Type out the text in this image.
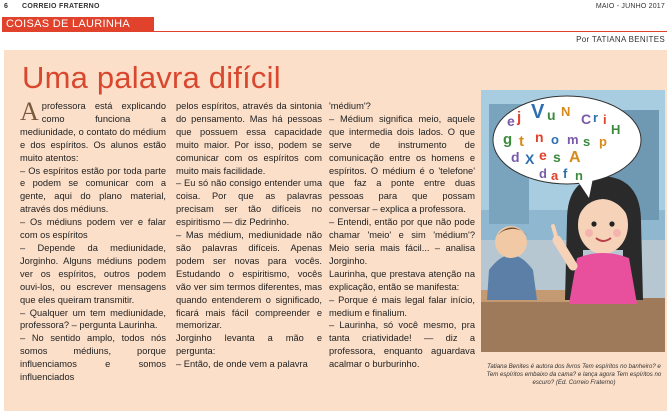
6 CORREIO FRATERNO	MAIO - JUNHO 2017
COISAS DE LAURINHA
Por TATIANA BENITES
Uma palavra difícil

Aprofessora está explicando como funciona a mediunidade, o contato do médium e dos espíritos. Os alunos estão muito atentos:

– Os espíritos estão por toda parte e podem se comunicar com a gente, aqui do plano material, através dos médiuns.

– Os médiuns podem ver e falar com os espíritos

– Depende da mediunidade, Jorginho. Alguns médiuns podem ver os espíritos, outros podem ouvi-los, ou escrever mensagens que eles queiram transmitir.

– Qualquer um tem mediunidade, professora? – pergunta Laurinha.

– No sentido amplo, todos nós somos médiuns, porque influenciamos e somos influenciados

pelos espíritos, através da sintonia do pensamento. Mas há pessoas que possuem essa capacidade muito maior. Por isso, podem se comunicar com os espíritos com muito mais facilidade.

– Eu só não consigo entender uma coisa. Por que as palavras precisam ser tão difíceis no espiritismo — diz Pedrinho.

– Mas médium, mediunidade não são palavras difíceis. Apenas podem ser novas para vocês. Estudando o espiritismo, vocês vão ver sim termos diferentes, mas quando entenderem o significado, ficará mais fácil compreender e memorizar.

Jorginho levanta a mão e pergunta:

– Então, de onde vem a palavra

'médium'?

– Médium significa meio, aquele que intermedia dois lados. O que serve de instrumento de comunicação entre os homens e espíritos. O médium é o 'telefone' que faz a ponte entre duas pessoas para que possam conversar – explica a professora.

– Entendi, então por que não pode chamar 'meio' e sim 'médium'? Meio seria mais fácil... – analisa Jorginho.

Laurinha, que prestava atenção na explicação, então se manifesta:

– Porque é mais legal falar início, medium e finalium.

– Laurinha, só você mesmo, pra tanta criatividade! — diz a professora, enquanto aguardava acalmar o burburinho.

e j V u N C r i
H
g t n o m s p
d X e s A
d a f n
Tatiana Benites é autora dos livros Tem espíritos no banheiro? e Tem espíritos embaixo da cama? e lança agora Tem espíritos no escuro? (Ed. Correio Fraterno)
